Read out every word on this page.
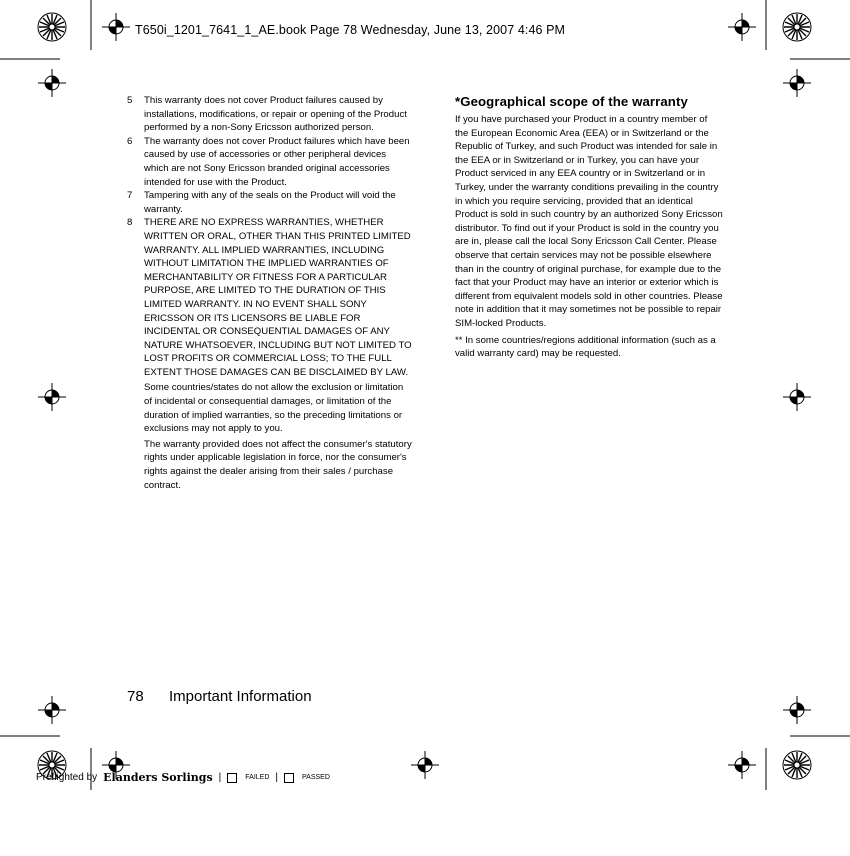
T650i_1201_7641_1_AE.book Page 78 Wednesday, June 13, 2007 4:46 PM
5	This warranty does not cover Product failures caused by installations, modifications, or repair or opening of the Product performed by a non-Sony Ericsson authorized person.
6	The warranty does not cover Product failures which have been caused by use of accessories or other peripheral devices which are not Sony Ericsson branded original accessories intended for use with the Product.
7	Tampering with any of the seals on the Product will void the warranty.
8	THERE ARE NO EXPRESS WARRANTIES, WHETHER WRITTEN OR ORAL, OTHER THAN THIS PRINTED LIMITED WARRANTY. ALL IMPLIED WARRANTIES, INCLUDING WITHOUT LIMITATION THE IMPLIED WARRANTIES OF MERCHANTABILITY OR FITNESS FOR A PARTICULAR PURPOSE, ARE LIMITED TO THE DURATION OF THIS LIMITED WARRANTY. IN NO EVENT SHALL SONY ERICSSON OR ITS LICENSORS BE LIABLE FOR INCIDENTAL OR CONSEQUENTIAL DAMAGES OF ANY NATURE WHATSOEVER, INCLUDING BUT NOT LIMITED TO LOST PROFITS OR COMMERCIAL LOSS; TO THE FULL EXTENT THOSE DAMAGES CAN BE DISCLAIMED BY LAW.
Some countries/states do not allow the exclusion or limitation of incidental or consequential damages, or limitation of the duration of implied warranties, so the preceding limitations or exclusions may not apply to you.
The warranty provided does not affect the consumer's statutory rights under applicable legislation in force, nor the consumer's rights against the dealer arising from their sales / purchase contract.
*Geographical scope of the warranty
If you have purchased your Product in a country member of the European Economic Area (EEA) or in Switzerland or the Republic of Turkey, and such Product was intended for sale in the EEA or in Switzerland or in Turkey, you can have your Product serviced in any EEA country or in Switzerland or in Turkey, under the warranty conditions prevailing in the country in which you require servicing, provided that an identical Product is sold in such country by an authorized Sony Ericsson distributor. To find out if your Product is sold in the country you are in, please call the local Sony Ericsson Call Center. Please observe that certain services may not be possible elsewhere than in the country of original purchase, for example due to the fact that your Product may have an interior or exterior which is different from equivalent models sold in other countries. Please note in addition that it may sometimes not be possible to repair SIM-locked Products.
** In some countries/regions additional information (such as a valid warranty card) may be requested.
78 Important Information
Preflighted by Elanders Sorlings |	FAILED |	PASSED
